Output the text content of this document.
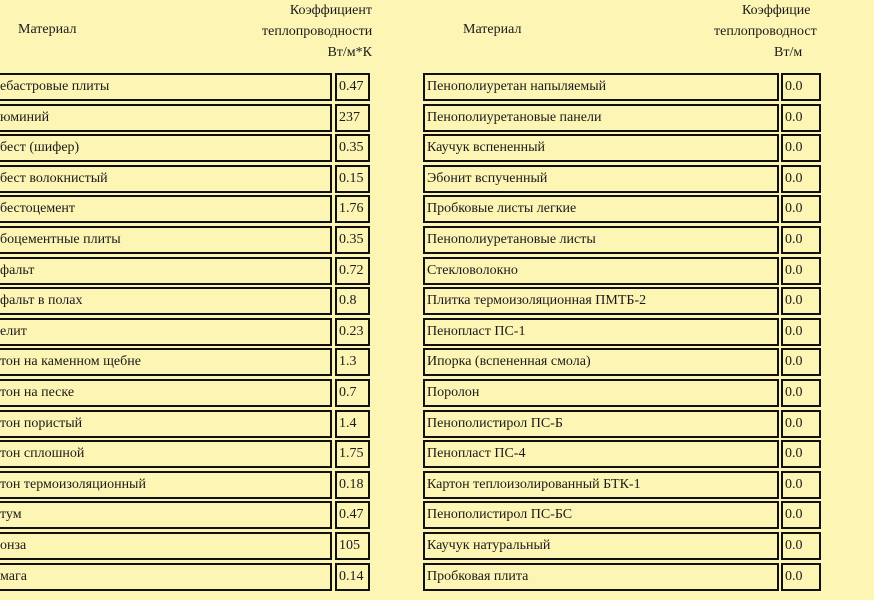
Материал
Коэффициент
теплопроводности
Вт/м*К
Материал
Коэффицие
теплопроводност
Вт/м
ебастровые плиты	0.47
юминий	237
бест (шифер)	0.35
бест волокнистый	0.15
бестоцемент	1.76
боцементные плиты	0.35
фальт	0.72
фальт в полах	0.8
елит	0.23
тон на каменном щебне	1.3
тон на песке	0.7
тон пористый	1.4
тон сплошной	1.75
тон термоизоляционный	0.18
тум	0.47
онза	105
мага	0.14
Пенополиуретан напыляемый	0.0
Пенополиуретановые панели	0.0
Каучук вспененный	0.0
Эбонит вспученный	0.0
Пробковые листы легкие	0.0
Пенополиуретановые листы	0.0
Стекловолокно	0.0
Плитка термоизоляционная ПМТБ-2	0.0
Пенопласт ПС-1	0.0
Ипорка (вспененная смола)	0.0
Поролон	0.0
Пенополистирол ПС-Б	0.0
Пенопласт ПС-4	0.0
Картон теплоизолированный БТК-1	0.0
Пенополистирол ПС-БС	0.0
Каучук натуральный	0.0
Пробковая плита	0.0
